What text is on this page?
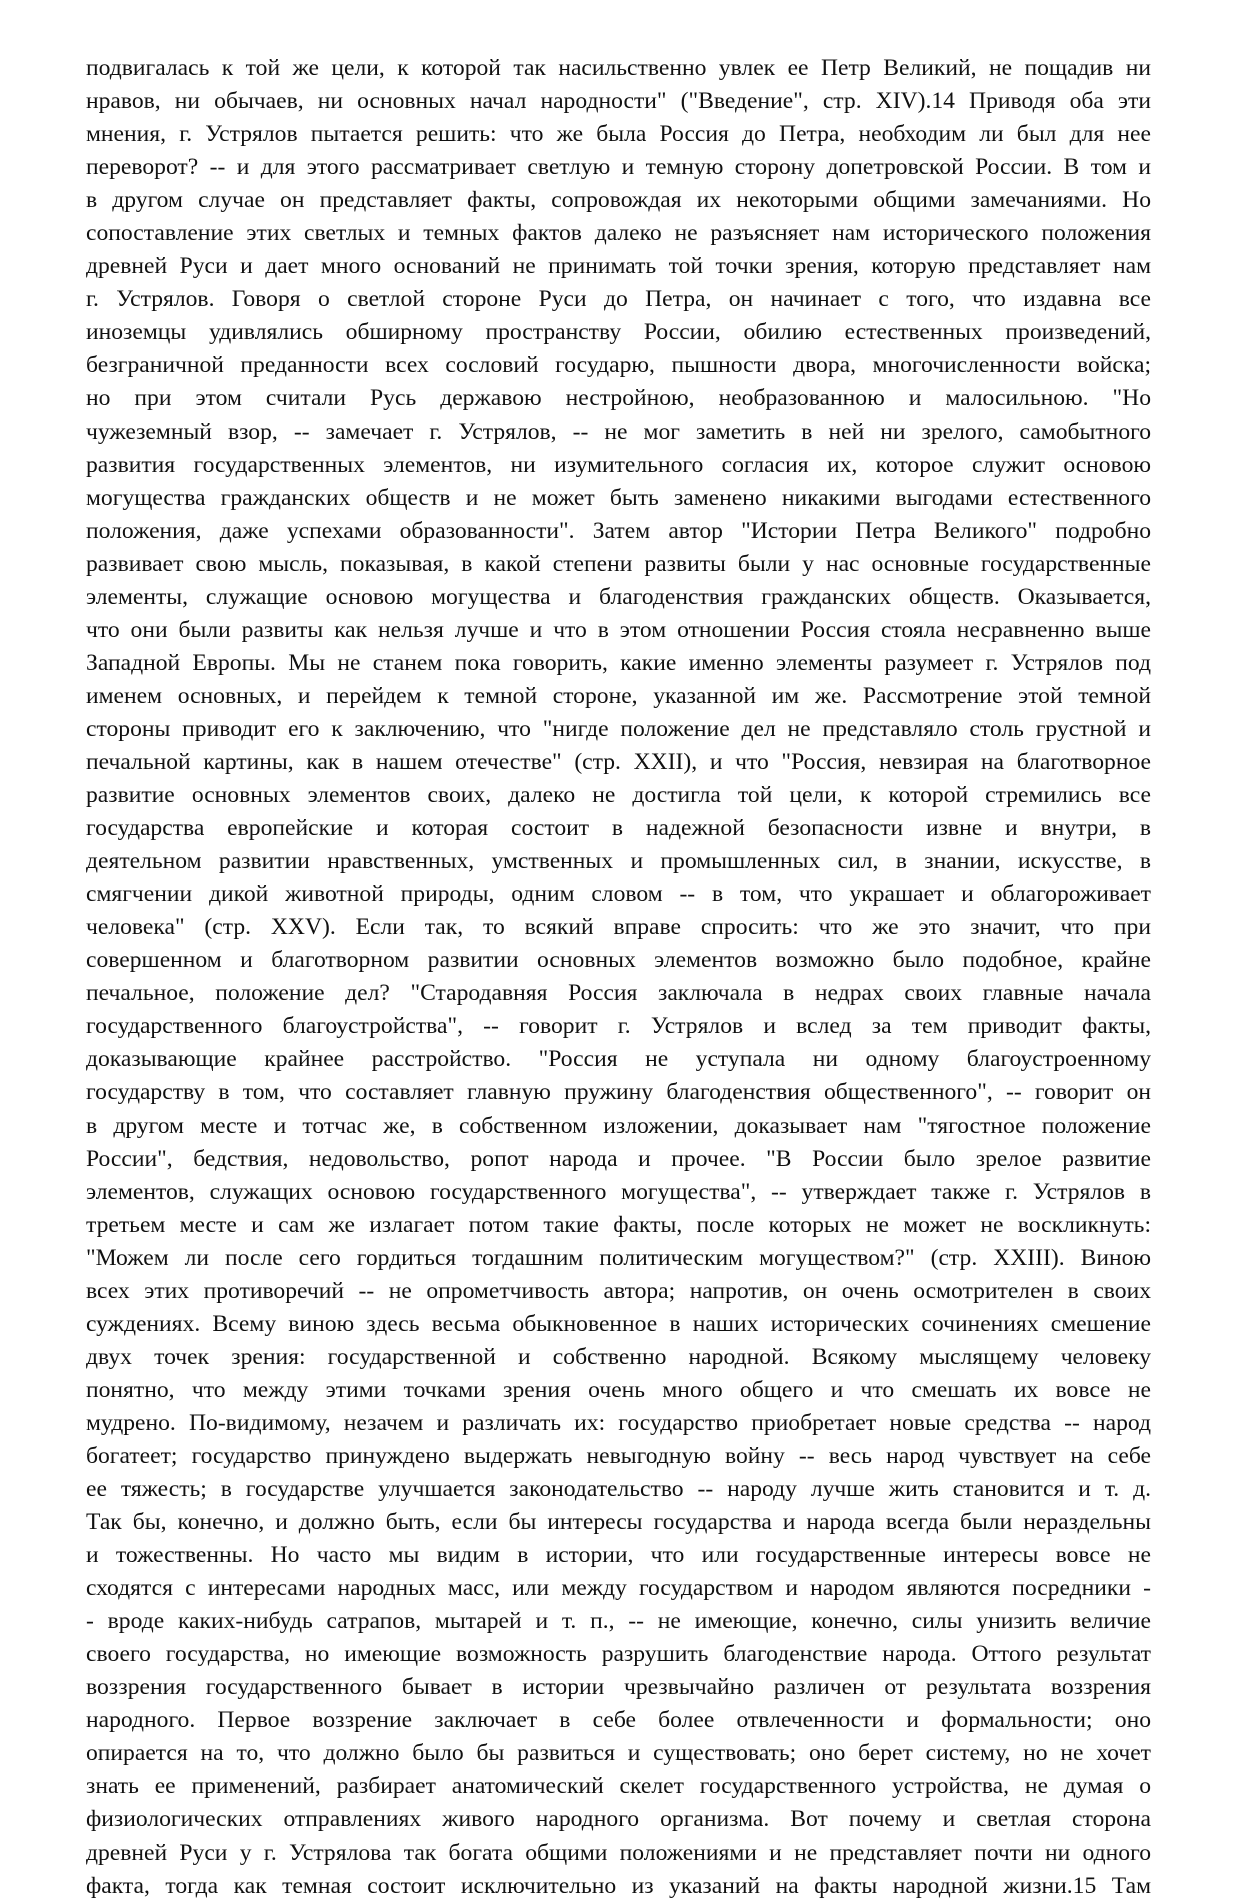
подвигалась к той же цели, к которой так насильственно увлек ее Петр Великий, не пощадив ни
нравов, ни обычаев, ни основных начал народности" ("Введение", стр. XIV).14 Приводя оба эти
мнения, г. Устрялов пытается решить: что же была Россия до Петра, необходим ли был для нее
переворот? -- и для этого рассматривает светлую и темную сторону допетровской России. В том и
в другом случае он представляет факты, сопровождая их некоторыми общими замечаниями. Но
сопоставление этих светлых и темных фактов далеко не разъясняет нам исторического положения
древней Руси и дает много оснований не принимать той точки зрения, которую представляет нам
г. Устрялов. Говоря о светлой стороне Руси до Петра, он начинает с того, что издавна все
иноземцы удивлялись обширному пространству России, обилию естественных произведений,
безграничной преданности всех сословий государю, пышности двора, многочисленности войска;
но при этом считали Русь державою нестройною, необразованною и малосильною. "Но
чужеземный взор, -- замечает г. Устрялов, -- не мог заметить в ней ни зрелого, самобытного
развития государственных элементов, ни изумительного согласия их, которое служит основою
могущества гражданских обществ и не может быть заменено никакими выгодами естественного
положения, даже успехами образованности". Затем автор "Истории Петра Великого" подробно
развивает свою мысль, показывая, в какой степени развиты были у нас основные государственные
элементы, служащие основою могущества и благоденствия гражданских обществ. Оказывается,
что они были развиты как нельзя лучше и что в этом отношении Россия стояла несравненно выше
Западной Европы. Мы не станем пока говорить, какие именно элементы разумеет г. Устрялов под
именем основных, и перейдем к темной стороне, указанной им же. Рассмотрение этой темной
стороны приводит его к заключению, что "нигде положение дел не представляло столь грустной и
печальной картины, как в нашем отечестве" (стр. XXII), и что "Россия, невзирая на благотворное
развитие основных элементов своих, далеко не достигла той цели, к которой стремились все
государства европейские и которая состоит в надежной безопасности извне и внутри, в
деятельном развитии нравственных, умственных и промышленных сил, в знании, искусстве, в
смягчении дикой животной природы, одним словом -- в том, что украшает и облагороживает
человека" (стр. XXV). Если так, то всякий вправе спросить: что же это значит, что при
совершенном и благотворном развитии основных элементов возможно было подобное, крайне
печальное, положение дел? "Стародавняя Россия заключала в недрах своих главные начала
государственного благоустройства", -- говорит г. Устрялов и вслед за тем приводит факты,
доказывающие крайнее расстройство. "Россия не уступала ни одному благоустроенному
государству в том, что составляет главную пружину благоденствия общественного", -- говорит он
в другом месте и тотчас же, в собственном изложении, доказывает нам "тягостное положение
России", бедствия, недовольство, ропот народа и прочее. "В России было зрелое развитие
элементов, служащих основою государственного могущества", -- утверждает также г. Устрялов в
третьем месте и сам же излагает потом такие факты, после которых не может не воскликнуть:
"Можем ли после сего гордиться тогдашним политическим могуществом?" (стр. XXIII). Виною
всех этих противоречий -- не опрометчивость автора; напротив, он очень осмотрителен в своих
суждениях. Всему виною здесь весьма обыкновенное в наших исторических сочинениях смешение
двух точек зрения: государственной и собственно народной. Всякому мыслящему человеку
понятно, что между этими точками зрения очень много общего и что смешать их вовсе не
мудрено. По-видимому, незачем и различать их: государство приобретает новые средства -- народ
богатеет; государство принуждено выдержать невыгодную войну -- весь народ чувствует на себе
ее тяжесть; в государстве улучшается законодательство -- народу лучше жить становится и т. д.
Так бы, конечно, и должно быть, если бы интересы государства и народа всегда были нераздельны
и тожественны. Но часто мы видим в истории, что или государственные интересы вовсе не
сходятся с интересами народных масс, или между государством и народом являются посредники -
- вроде каких-нибудь сатрапов, мытарей и т. п., -- не имеющие, конечно, силы унизить величие
своего государства, но имеющие возможность разрушить благоденствие народа. Оттого результат
воззрения государственного бывает в истории чрезвычайно различен от результата воззрения
народного. Первое воззрение заключает в себе более отвлеченности и формальности; оно
опирается на то, что должно было бы развиться и существовать; оно берет систему, но не хочет
знать ее применений, разбирает анатомический скелет государственного устройства, не думая о
физиологических отправлениях живого народного организма. Вот почему и светлая сторона
древней Руси у г. Устрялова так богата общими положениями и не представляет почти ни одного
факта, тогда как темная состоит исключительно из указаний на факты народной жизни.15 Там
